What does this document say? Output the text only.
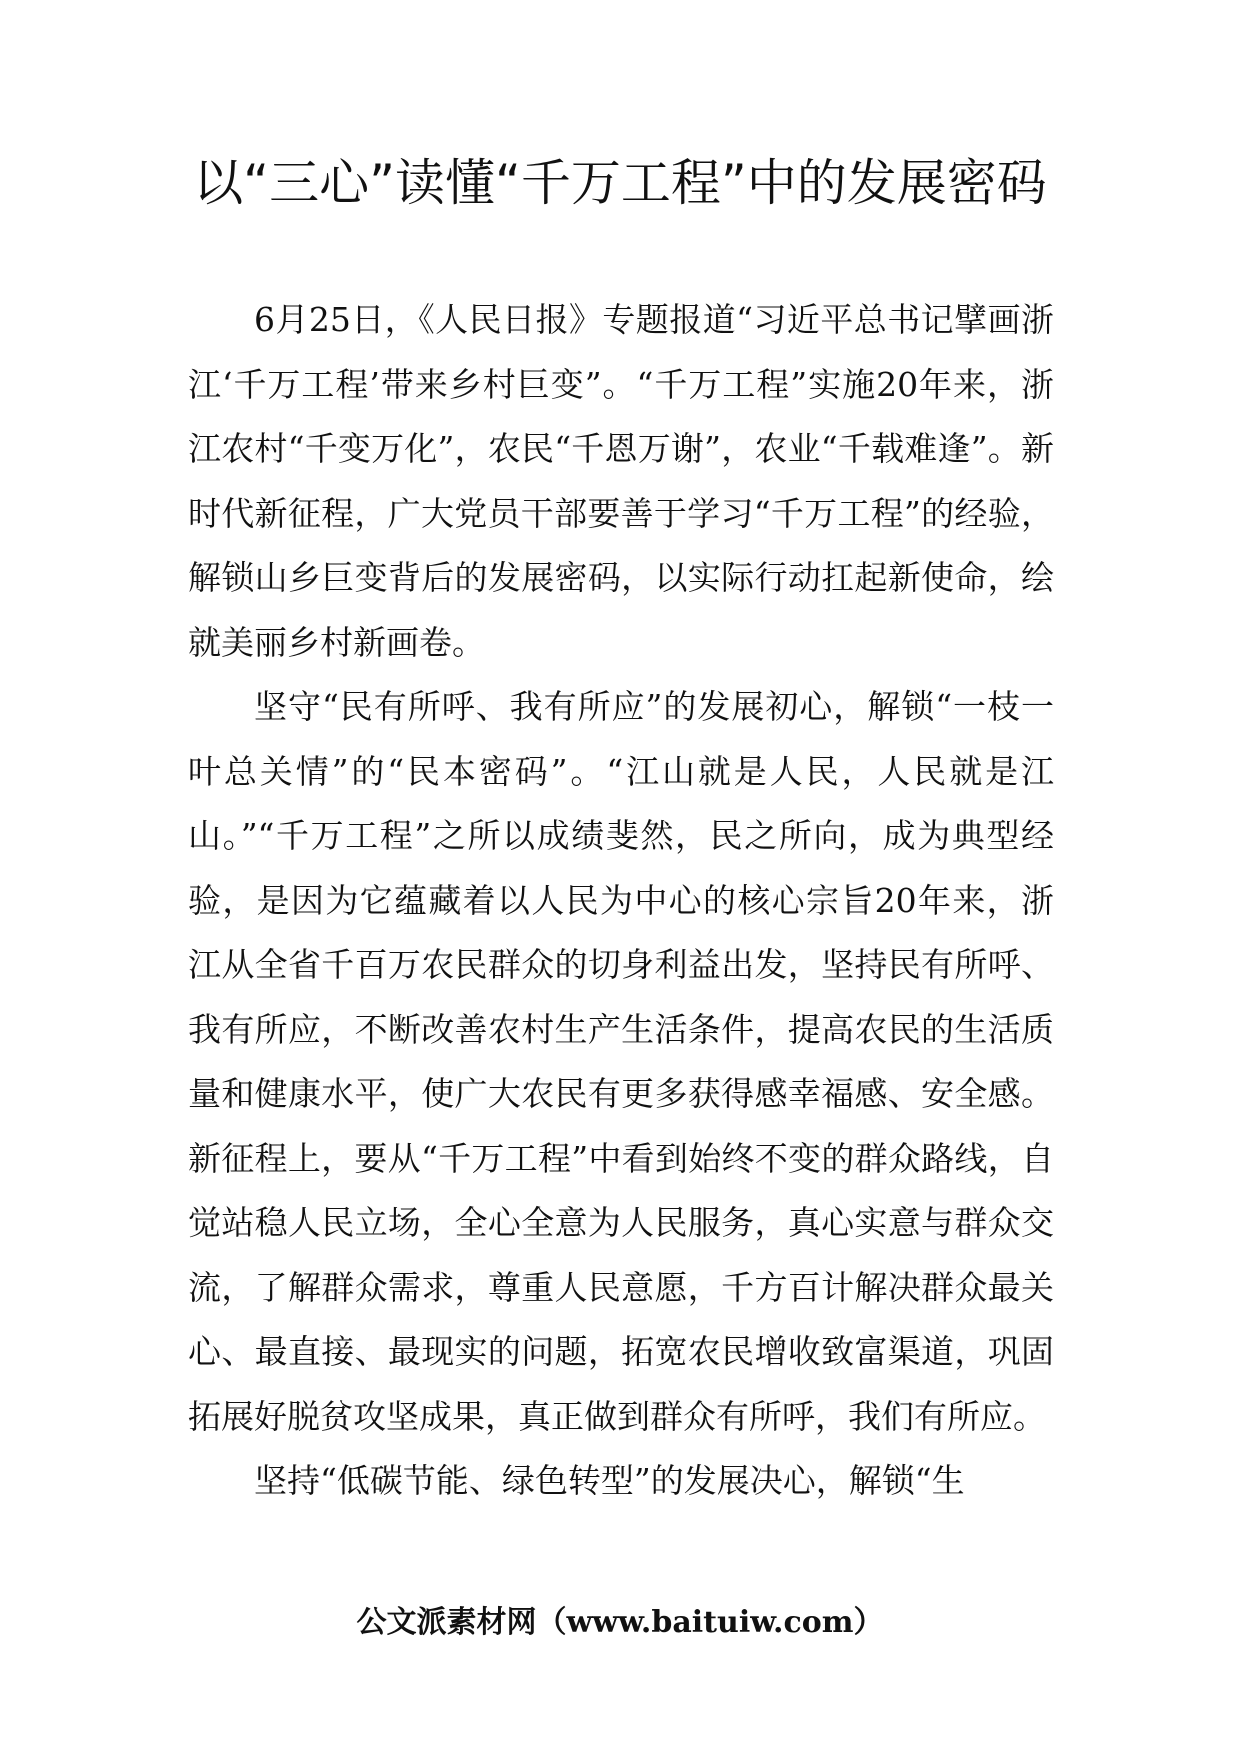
以“三心”读懂“千万工程”中的发展密码

6月25日，《人民日报》专题报道“习近平总书记擘画浙江‘千万工程’带来乡村巨变”。“千万工程”实施20年来，浙江农村“千变万化”，农民“千恩万谢”，农业“千载难逢”。新时代新征程，广大党员干部要善于学习“千万工程”的经验，解锁山乡巨变背后的发展密码，以实际行动扛起新使命，绘就美丽乡村新画卷。

坚守“民有所呼、我有所应”的发展初心，解锁“一枝一叶总关情”的“民本密码”。“江山就是人民，人民就是江山。”“千万工程”之所以成绩斐然，民之所向，成为典型经验，是因为它蕴藏着以人民为中心的核心宗旨20年来，浙江从全省千百万农民群众的切身利益出发，坚持民有所呼、我有所应，不断改善农村生产生活条件，提高农民的生活质量和健康水平，使广大农民有更多获得感幸福感、安全感。新征程上，要从“千万工程”中看到始终不变的群众路线，自觉站稳人民立场，全心全意为人民服务，真心实意与群众交流，了解群众需求，尊重人民意愿，千方百计解决群众最关心、最直接、最现实的问题，拓宽农民增收致富渠道，巩固拓展好脱贫攻坚成果，真正做到群众有所呼，我们有所应。

坚持“低碳节能、绿色转型”的发展决心，解锁“生

公文派素材网（www.baituiw.com）
